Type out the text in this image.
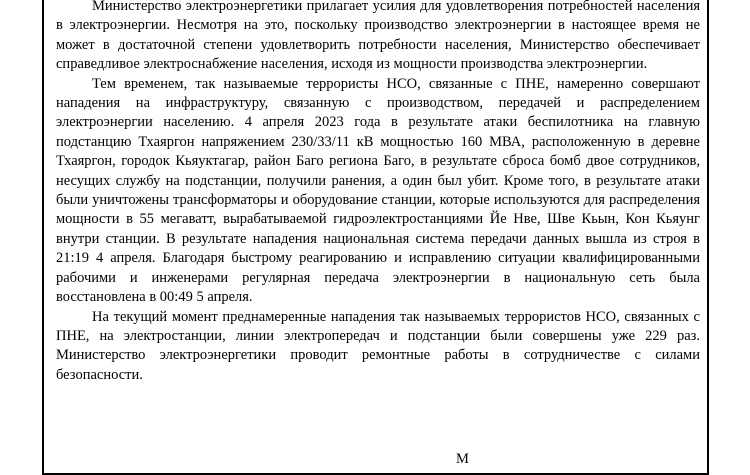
Министерство электроэнергетики прилагает усилия для удовлетворения потребностей населения в электроэнергии. Несмотря на это, поскольку производство электроэнергии в настоящее время не может в достаточной степени удовлетворить потребности населения, Министерство обеспечивает справедливое электроснабжение населения, исходя из мощности производства электроэнергии.

Тем временем, так называемые террористы НСО, связанные с ПНЕ, намеренно совершают нападения на инфраструктуру, связанную с производством, передачей и распределением электроэнергии населению. 4 апреля 2023 года в результате атаки беспилотника на главную подстанцию Тхаяргон напряжением 230/33/11 кВ мощностью 160 МВА, расположенную в деревне Тхаяргон, городок Кьяуктагар, район Баго региона Баго, в результате сброса бомб двое сотрудников, несущих службу на подстанции, получили ранения, а один был убит. Кроме того, в результате атаки были уничтожены трансформаторы и оборудование станции, которые используются для распределения мощности в 55 мегаватт, вырабатываемой гидроэлектростанциями Йе Нве, Шве Кьын, Кон Кьяунг внутри станции. В результате нападения национальная система передачи данных вышла из строя в 21:19 4 апреля. Благодаря быстрому реагированию и исправлению ситуации квалифицированными рабочими и инженерами регулярная передача электроэнергии в национальную сеть была восстановлена в 00:49 5 апреля.

На текущий момент преднамеренные нападения так называемых террористов НСО, связанных с ПНЕ, на электростанции, линии электропередач и подстанции были совершены уже 229 раз. Министерство электроэнергетики проводит ремонтные работы в сотрудничестве с силами безопасности.

М
